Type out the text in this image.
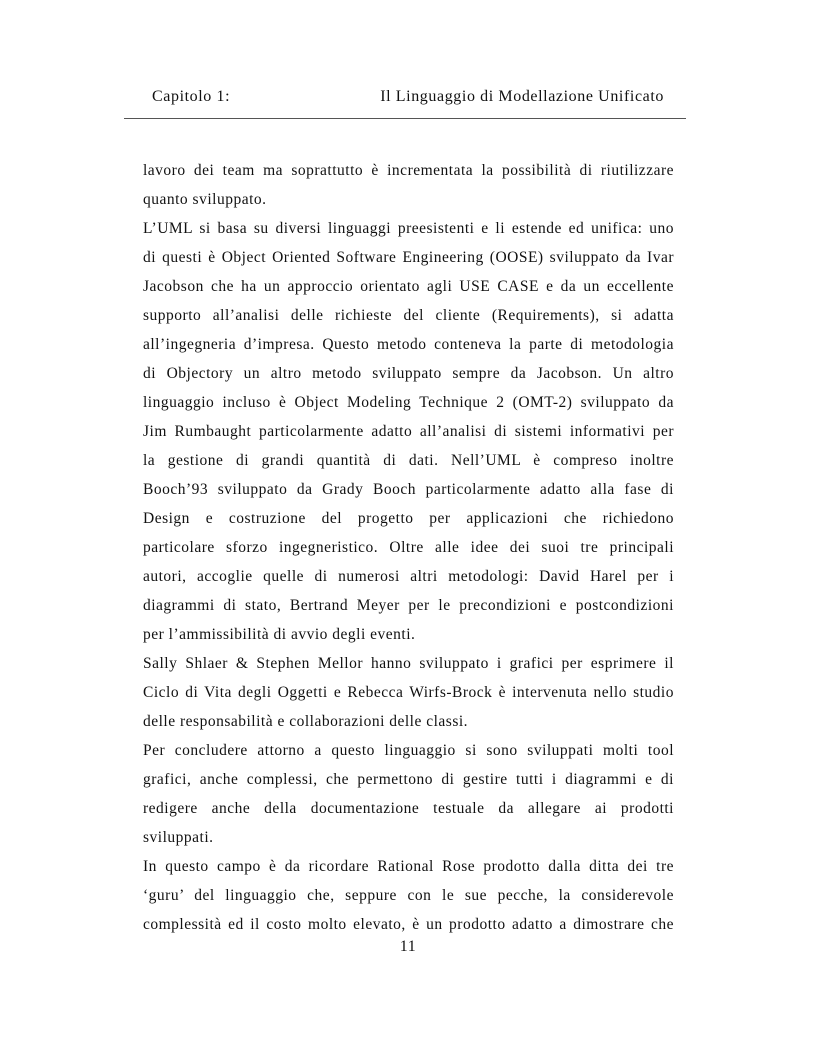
Capitolo 1:	Il Linguaggio di Modellazione Unificato
lavoro dei team ma soprattutto è incrementata la possibilità di riutilizzare
quanto sviluppato.
L’UML si basa su diversi linguaggi preesistenti e li estende ed unifica: uno
di questi è Object Oriented Software Engineering (OOSE) sviluppato da Ivar
Jacobson che ha un approccio orientato agli USE CASE e da un eccellente
supporto all’analisi delle richieste del cliente (Requirements), si adatta
all’ingegneria d’impresa. Questo metodo conteneva la parte di metodologia
di Objectory un altro metodo sviluppato sempre da Jacobson. Un altro
linguaggio incluso è Object Modeling Technique 2 (OMT-2) sviluppato da
Jim Rumbaught particolarmente adatto all’analisi di sistemi informativi per
la gestione di grandi quantità di dati. Nell’UML è compreso inoltre
Booch’93 sviluppato da Grady Booch particolarmente adatto alla fase di
Design e costruzione del progetto per applicazioni che richiedono
particolare sforzo ingegneristico. Oltre alle idee dei suoi tre principali
autori, accoglie quelle di numerosi altri metodologi: David Harel per i
diagrammi di stato, Bertrand Meyer per le precondizioni e postcondizioni
per l’ammissibilità di avvio degli eventi.
Sally Shlaer & Stephen Mellor hanno sviluppato i grafici per esprimere il
Ciclo di Vita degli Oggetti e Rebecca Wirfs-Brock è intervenuta nello studio
delle responsabilità e collaborazioni delle classi.
Per concludere attorno a questo linguaggio si sono sviluppati molti tool
grafici, anche complessi, che permettono di gestire tutti i diagrammi e di
redigere anche della documentazione testuale da allegare ai prodotti
sviluppati.
In questo campo è da ricordare Rational Rose prodotto dalla ditta dei tre
‘guru’ del linguaggio che, seppure con le sue pecche, la considerevole
complessità ed il costo molto elevato, è un prodotto adatto a dimostrare che
11
